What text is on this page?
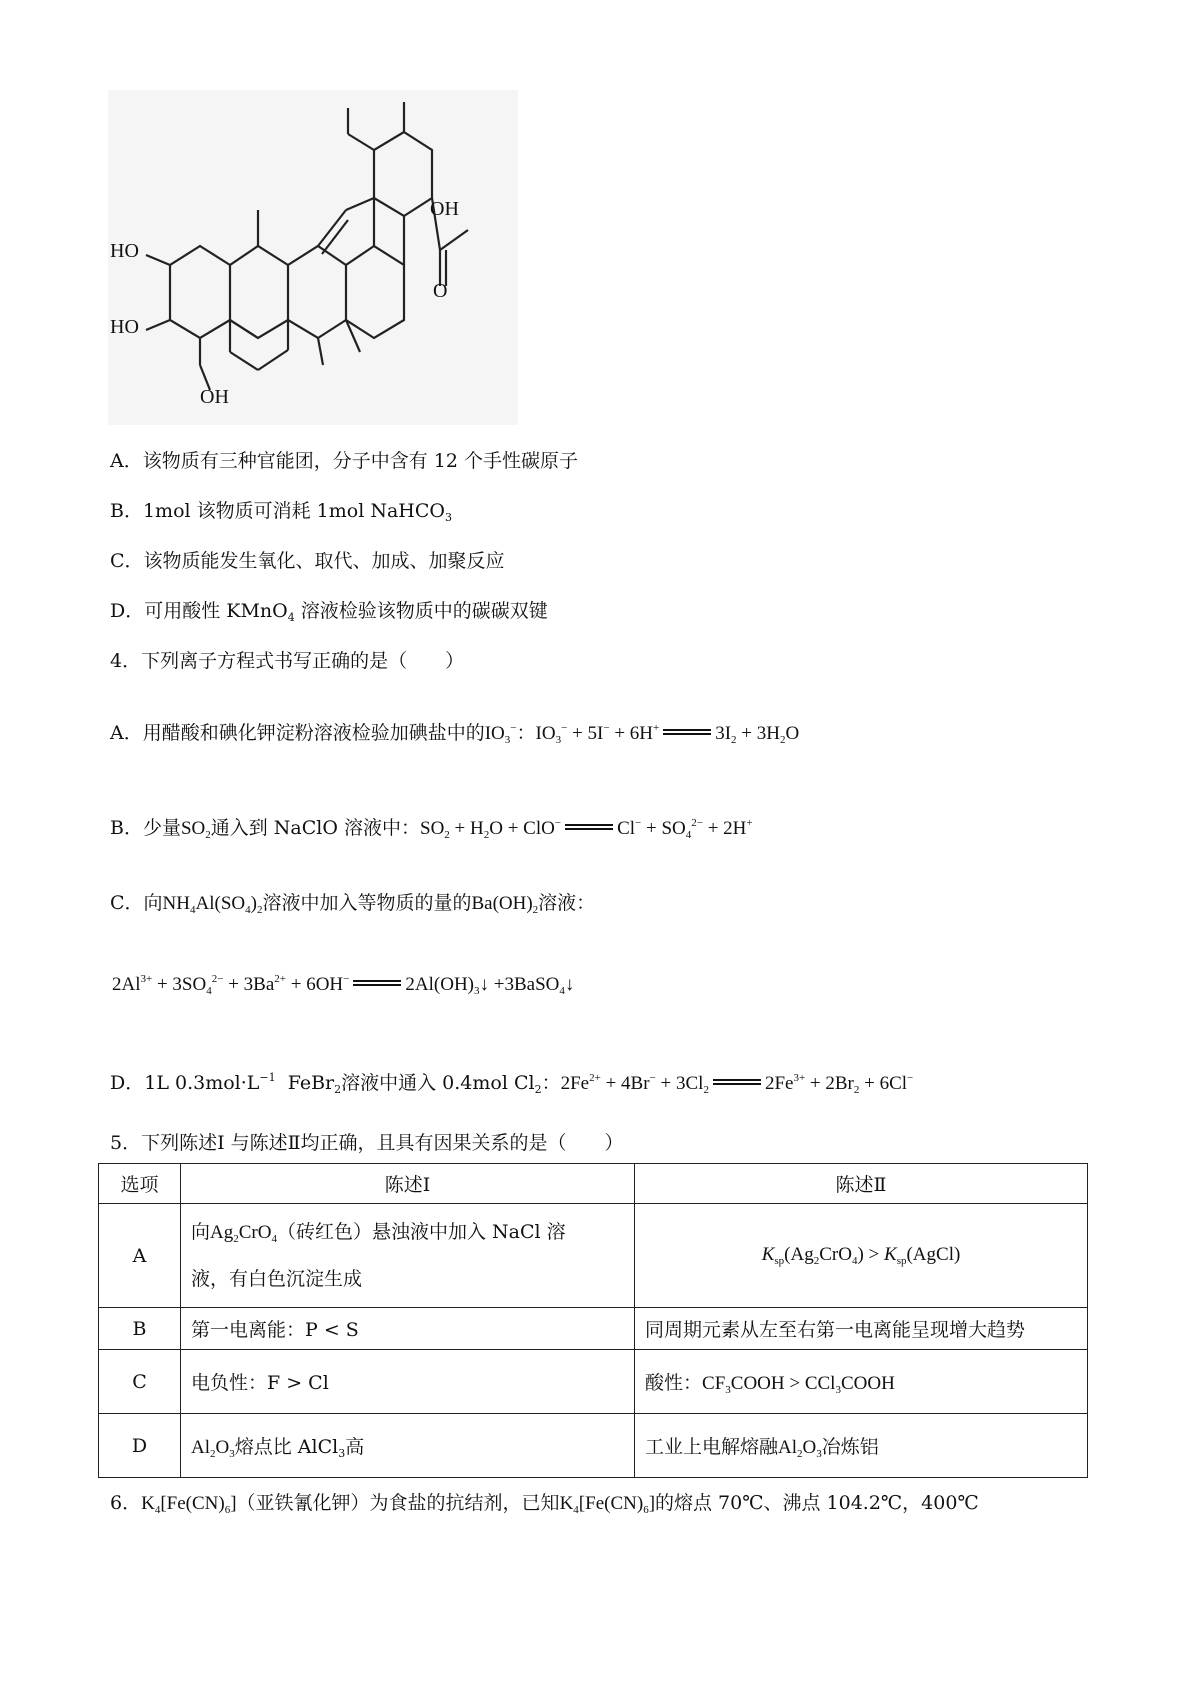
OH
O
HO
HO
OH
A．该物质有三种官能团，分子中含有 12 个手性碳原子
B．1mol 该物质可消耗 1mol NaHCO$_3$
C．该物质能发生氧化、取代、加成、加聚反应
D．可用酸性 KMnO$_4$ 溶液检验该物质中的碳碳双键
4．下列离子方程式书写正确的是（　　）
A．用醋酸和碘化钾淀粉溶液检验加碘盐中的$IO_3^-$：$IO_3^- + 5I^- + 6H^+$	$3I_2 + 3H_2O$
B．少量$SO_2$通入到 NaClO 溶液中：$SO_2 + H_2O + ClO^-$	$Cl^- + SO_4^{2-} + 2H^+$
C．向$NH_4Al(SO_4)_2$溶液中加入等物质的量的$Ba(OH)_2$溶液：
$2Al^{3+} + 3SO_4^{2-} + 3Ba^{2+} + 6OH^-$	$2Al(OH)_3↓$ +3BaSO$_4$↓
D．1L $0.3mol\cdot L^{-1}$ FeBr$_2$溶液中通入 0.4mol $Cl_2$：$2Fe^{2+} + 4Br^- + 3Cl_2$	$2Fe^{3+} + 2Br_2 + 6Cl^-$
5．下列陈述Ⅰ 与陈述Ⅱ均正确，且具有因果关系的是（　　）
选项	陈述Ⅰ	陈述Ⅱ
A	向$Ag_2CrO_4$（砖红色）悬浊液中加入 NaCl 溶
液，有白色沉淀生成	$K_{sp}(Ag_2CrO_4)$ > $K_{sp}(AgCl)$
B	第一电离能：P < S	同周期元素从左至右第一电离能呈现增大趋势
C	电负性：F > Cl	酸性：$CF_3COOH$ > CCl$_3$COOH
D	$Al_2O_3$熔点比 AlCl$_3$高	工业上电解熔融$Al_2O_3$冶炼铝
6．$K_4[Fe(CN)_6]$（亚铁氰化钾）为食盐的抗结剂，已知$K_4[Fe(CN)_6]$的熔点 70℃、沸点 104.2℃，400℃
